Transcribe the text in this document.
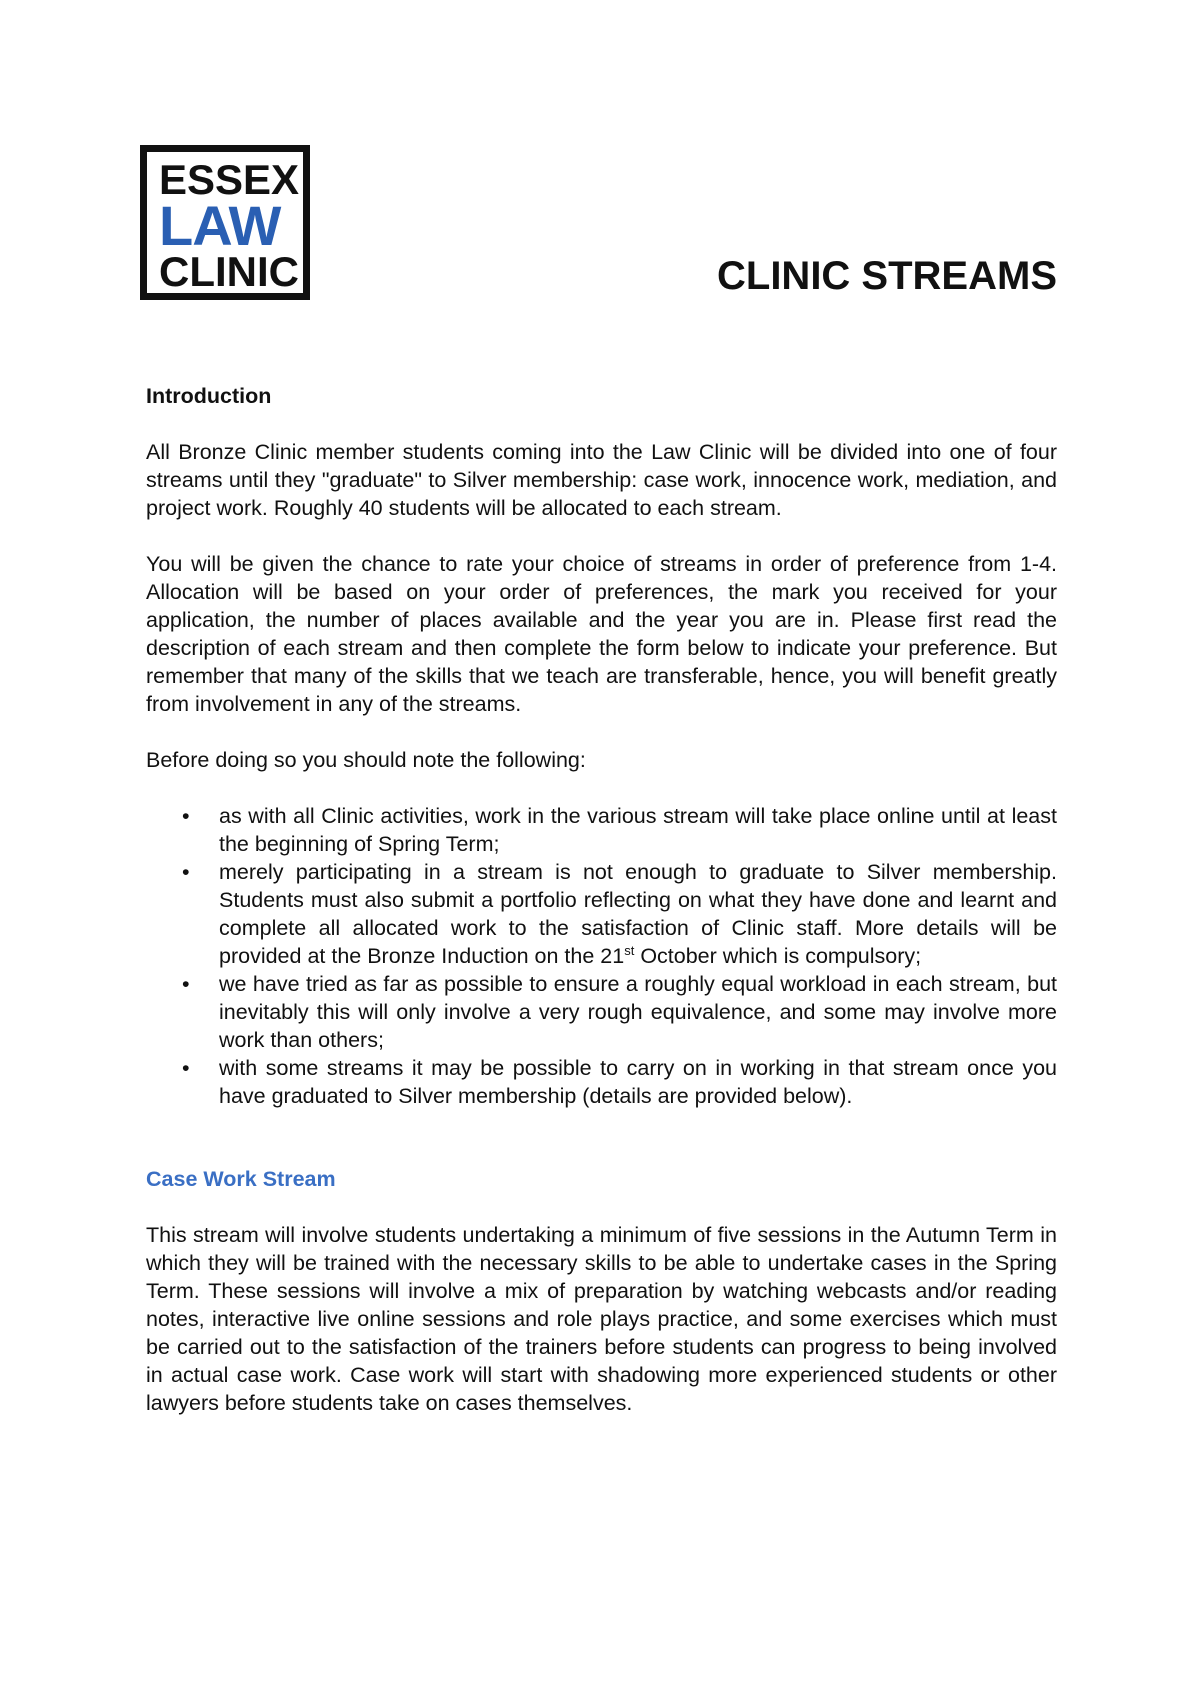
ESSEX
LAW
CLINIC	CLINIC STREAMS
Introduction

All Bronze Clinic member students coming into the Law Clinic will be divided into one of four streams until they "graduate" to Silver membership: case work, innocence work, mediation, and project work. Roughly 40 students will be allocated to each stream.

You will be given the chance to rate your choice of streams in order of preference from 1-4. Allocation will be based on your order of preferences, the mark you received for your application, the number of places available and the year you are in. Please first read the description of each stream and then complete the form below to indicate your preference. But remember that many of the skills that we teach are transferable, hence, you will benefit greatly from involvement in any of the streams.

Before doing so you should note the following:

• as with all Clinic activities, work in the various stream will take place online until at least the beginning of Spring Term;
• merely participating in a stream is not enough to graduate to Silver membership. Students must also submit a portfolio reflecting on what they have done and learnt and complete all allocated work to the satisfaction of Clinic staff. More details will be provided at the Bronze Induction on the 21st October which is compulsory;
• we have tried as far as possible to ensure a roughly equal workload in each stream, but inevitably this will only involve a very rough equivalence, and some may involve more work than others;
• with some streams it may be possible to carry on in working in that stream once you have graduated to Silver membership (details are provided below).
Case Work Stream

This stream will involve students undertaking a minimum of five sessions in the Autumn Term in which they will be trained with the necessary skills to be able to undertake cases in the Spring Term. These sessions will involve a mix of preparation by watching webcasts and/or reading notes, interactive live online sessions and role plays practice, and some exercises which must be carried out to the satisfaction of the trainers before students can progress to being involved in actual case work. Case work will start with shadowing more experienced students or other lawyers before students take on cases themselves.
